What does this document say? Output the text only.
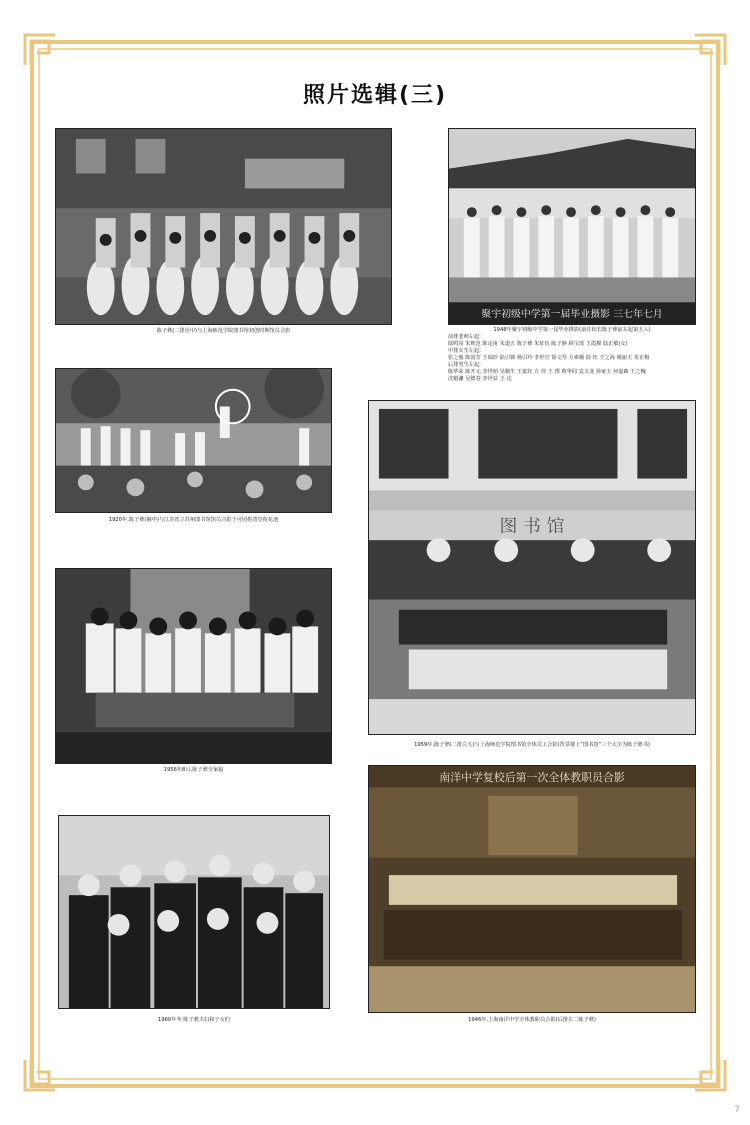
照片选辑(三)
陈子彝(二排居中)与上海师范学院图书馆初创时期馆员合影
聚宇初级中学第一届毕业摄影 三七年七月
1948年聚宇初级中学第一届毕业摄影(前任校长陈子彝前左起第五人)
前排老师左起:
陆鸣岗 朱则范 陈定甫 朱道五 陈子彝 朱征伍 陈子静 顾宝琦 王霞棉 陆正敏(女)
中排女生左起:
张之俊 陈国芳 王瑞珍 陆引钏 杨引玲 李世宣 徐文琴 方素娥 陆 钰 王之海 姚丽玉 朱正梅
后排男生左起:
陈华荣 陈开元 李世柏 吴顺生 王嘉钰 方 伟 王 璞 蔡华同 袁文龙 孙家玉 何嘉森 王之槐
沈魁濂 吴德春 李世益 王 达
1920年,陈子彝(圈中)与江苏省立苏州图书馆馆员合影于可园挹清堂荷花池	图 书 馆
1959年,陈子彝(二排左五)与上海师范学院图书馆全体员工合影(背景楼上“图书馆”三个大字为陈子彝书)
1956年8月,陈子彝全家福
南洋中学复校后第一次全体教职员合影
1946年,上海南洋中学全体教职员合影(后排左二陈子彝)
1960年冬 陈子彝夫妇和子女们
7
